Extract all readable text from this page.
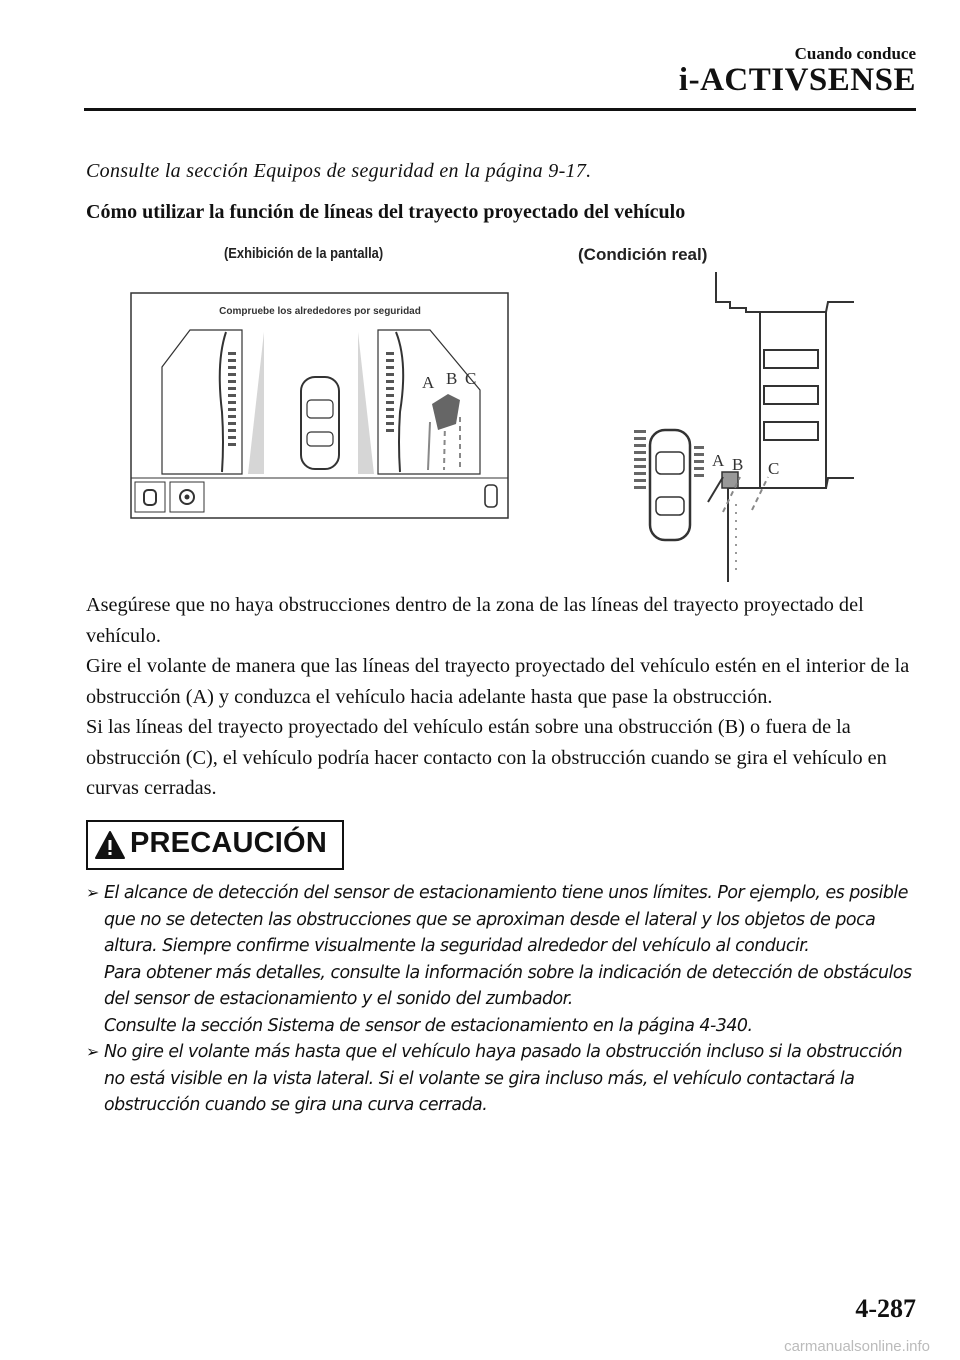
Cuando conduce
i-ACTIVSENSE
Consulte la sección Equipos de seguridad en la página 9-17.
Cómo utilizar la función de líneas del trayecto proyectado del vehículo
(Exhibición de la pantalla)	(Condición real)
Compruebe los alrededores por seguridad
A B C
A B C

Asegúrese que no haya obstrucciones dentro de la zona de las líneas del trayecto proyectado del vehículo.

Gire el volante de manera que las líneas del trayecto proyectado del vehículo estén en el interior de la obstrucción (A) y conduzca el vehículo hacia adelante hasta que pase la obstrucción.

Si las líneas del trayecto proyectado del vehículo están sobre una obstrucción (B) o fuera de la obstrucción (C), el vehículo podría hacer contacto con la obstrucción cuando se gira el vehículo en curvas cerradas.

PRECAUCIÓN
➢ El alcance de detección del sensor de estacionamiento tiene unos límites. Por ejemplo, es posible que no se detecten las obstrucciones que se aproximan desde el lateral y los objetos de poca altura. Siempre confirme visualmente la seguridad alrededor del vehículo al conducir.
Para obtener más detalles, consulte la información sobre la indicación de detección de obstáculos del sensor de estacionamiento y el sonido del zumbador.
Consulte la sección Sistema de sensor de estacionamiento en la página 4-340.
➢ No gire el volante más hasta que el vehículo haya pasado la obstrucción incluso si la obstrucción no está visible en la vista lateral. Si el volante se gira incluso más, el vehículo contactará la obstrucción cuando se gira una curva cerrada.
4-287
carmanualsonline.info
